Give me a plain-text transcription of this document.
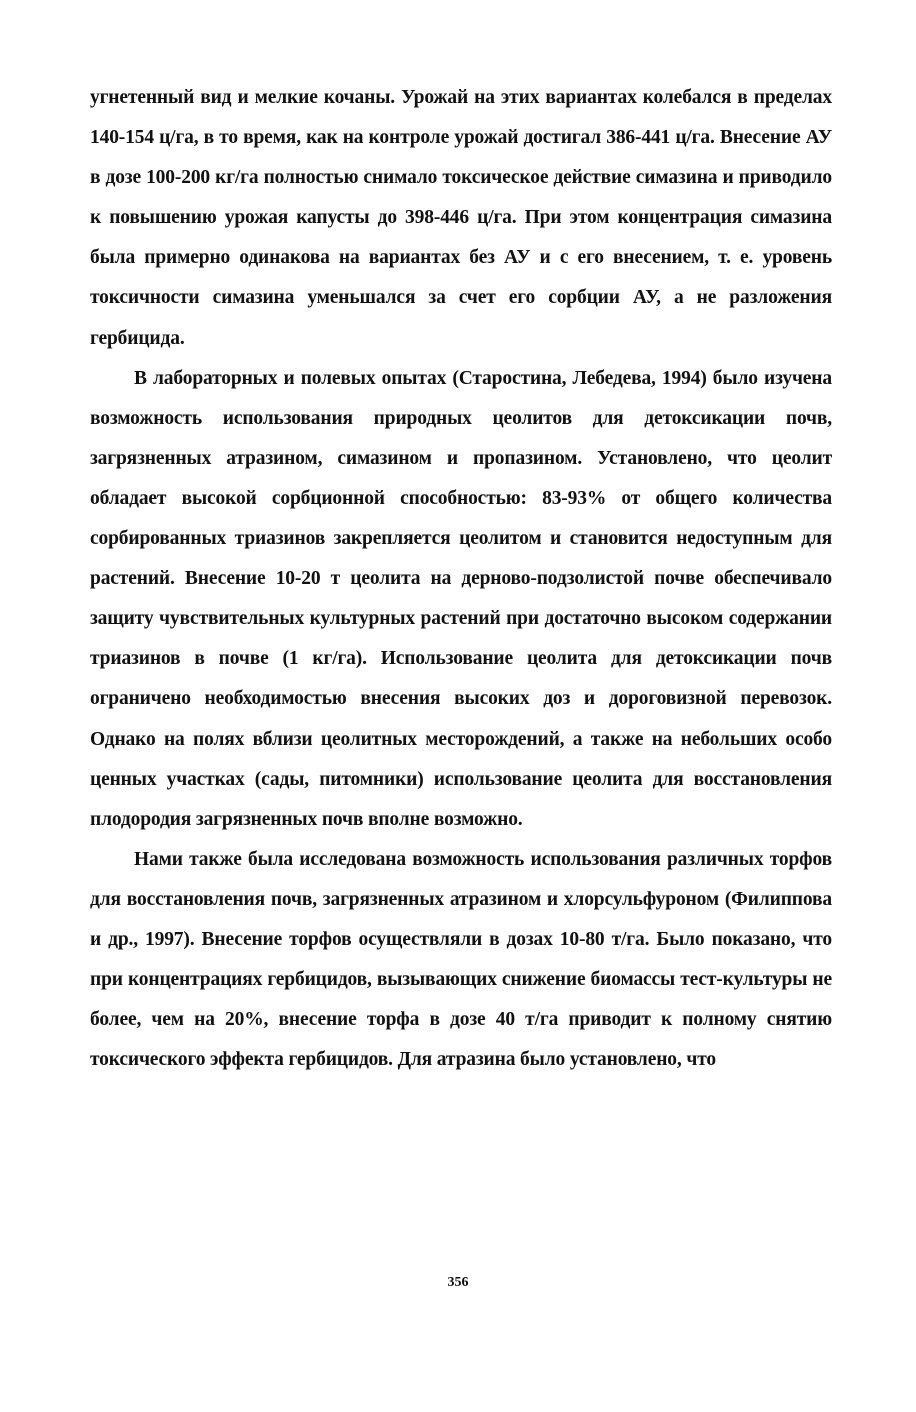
угнетенный вид и мелкие кочаны. Урожай на этих вариантах колебался в пределах 140-154 ц/га, в то время, как на контроле урожай достигал 386-441 ц/га. Внесение АУ в дозе 100-200 кг/га полностью снимало токсическое действие симазина и приводило к повышению урожая капусты до 398-446 ц/га. При этом концентрация симазина была примерно одинакова на вариантах без АУ и с его внесением, т. е. уровень токсичности симазина уменьшался за счет его сорбции АУ, а не разложения гербицида.

В лабораторных и полевых опытах (Старостина, Лебедева, 1994) было изучена возможность использования природных цеолитов для детоксикации почв, загрязненных атразином, симазином и пропазином. Установлено, что цеолит обладает высокой сорбционной способностью: 83-93% от общего количества сорбированных триазинов закрепляется цеолитом и становится недоступным для растений. Внесение 10-20 т цеолита на дерново-подзолистой почве обеспечивало защиту чувствительных культурных растений при достаточно высоком содержании триазинов в почве (1 кг/га). Использование цеолита для детоксикации почв ограничено необходимостью внесения высоких доз и дороговизной перевозок. Однако на полях вблизи цеолитных месторождений, а также на небольших особо ценных участках (сады, питомники) использование цеолита для восстановления плодородия загрязненных почв вполне возможно.

Нами также была исследована возможность использования различных торфов для восстановления почв, загрязненных атразином и хлорсульфуроном (Филиппова и др., 1997). Внесение торфов осуществляли в дозах 10-80 т/га. Было показано, что при концентрациях гербицидов, вызывающих снижение биомассы тест-культуры не более, чем на 20%, внесение торфа в дозе 40 т/га приводит к полному снятию токсического эффекта гербицидов. Для атразина было установлено, что

356
